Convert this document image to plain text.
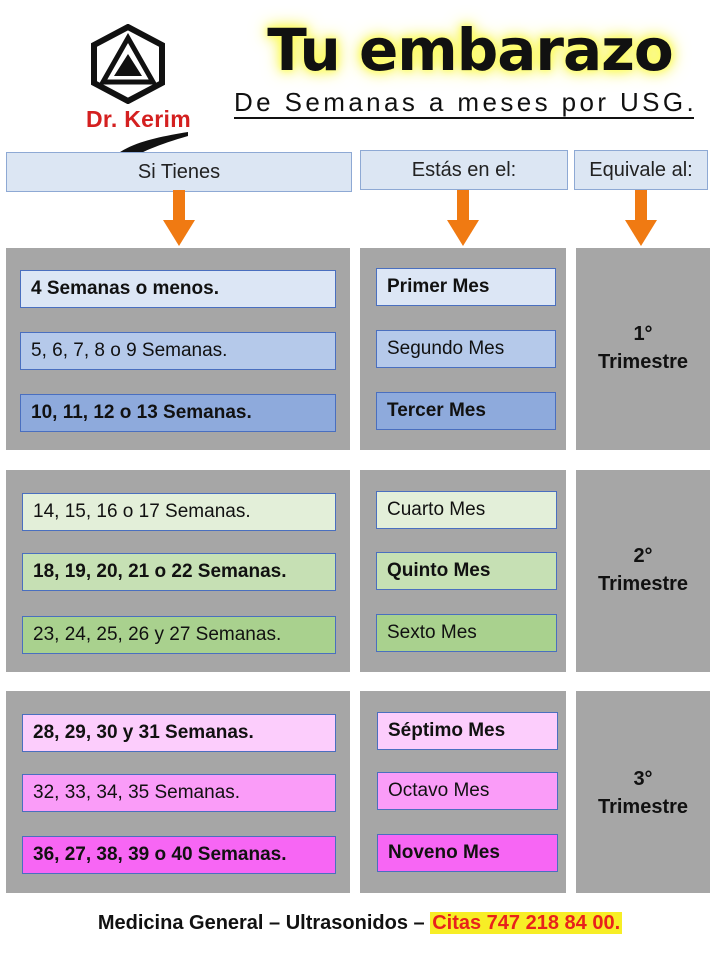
Dr. Kerim
Tu embarazo
De Semanas a meses por USG.
Si Tienes	Estás en el:	Equivale al:
4 Semanas o menos.
5, 6, 7, 8 o 9 Semanas.
10, 11, 12 o 13 Semanas.
Primer Mes
Segundo Mes
Tercer Mes
1°
Trimestre
14, 15, 16 o 17 Semanas.
18, 19, 20, 21 o 22 Semanas.
23, 24, 25, 26 y 27 Semanas.
Cuarto Mes
Quinto Mes
Sexto Mes
2°
Trimestre
28, 29, 30 y 31 Semanas.
32, 33, 34, 35 Semanas.
36, 27, 38, 39 o 40 Semanas.
Séptimo Mes
Octavo Mes
Noveno Mes
3°
Trimestre
Medicina General – Ultrasonidos – Citas 747 218 84 00.
